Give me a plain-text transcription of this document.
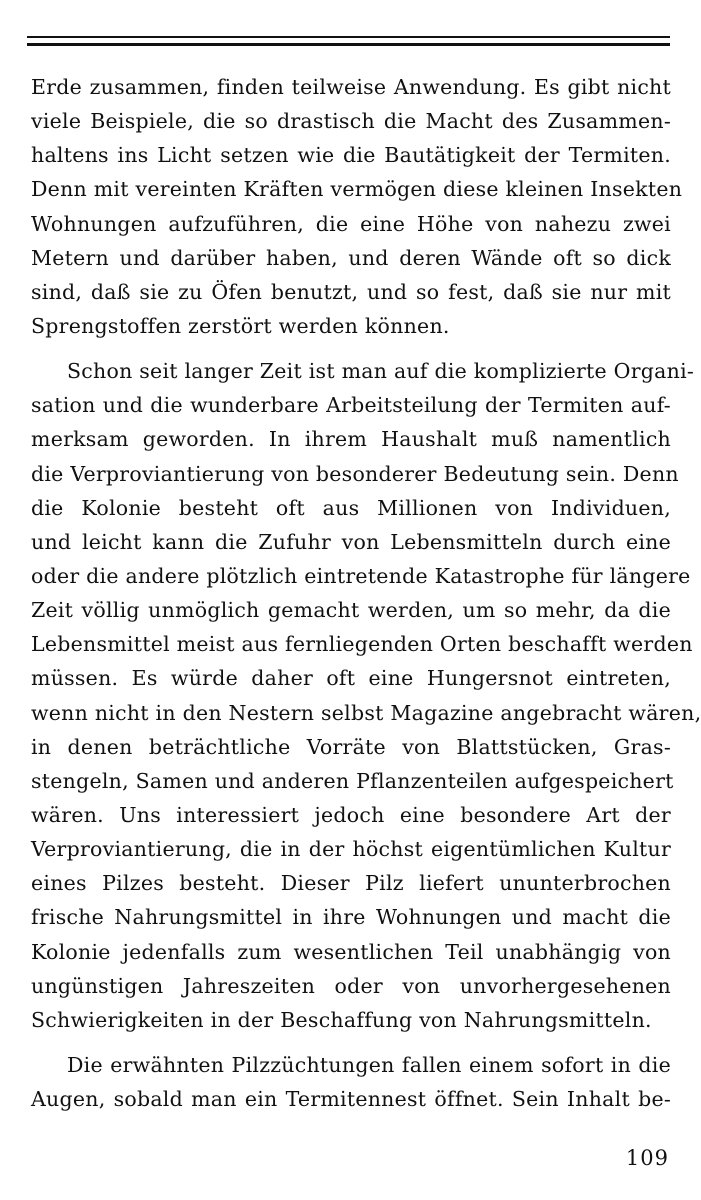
Erde zusammen, finden teilweise Anwendung. Es gibt nicht
viele Beispiele, die so drastisch die Macht des Zusammen-
haltens ins Licht setzen wie die Bautätigkeit der Termiten.
Denn mit vereinten Kräften vermögen diese kleinen Insekten
Wohnungen aufzuführen, die eine Höhe von nahezu zwei
Metern und darüber haben, und deren Wände oft so dick
sind, daß sie zu Öfen benutzt, und so fest, daß sie nur mit
Sprengstoffen zerstört werden können.
Schon seit langer Zeit ist man auf die komplizierte Organi-
sation und die wunderbare Arbeitsteilung der Termiten auf-
merksam geworden. In ihrem Haushalt muß namentlich
die Verproviantierung von besonderer Bedeutung sein. Denn
die Kolonie besteht oft aus Millionen von Individuen,
und leicht kann die Zufuhr von Lebensmitteln durch eine
oder die andere plötzlich eintretende Katastrophe für längere
Zeit völlig unmöglich gemacht werden, um so mehr, da die
Lebensmittel meist aus fernliegenden Orten beschafft werden
müssen. Es würde daher oft eine Hungersnot eintreten,
wenn nicht in den Nestern selbst Magazine angebracht wären,
in denen beträchtliche Vorräte von Blattstücken, Gras-
stengeln, Samen und anderen Pflanzenteilen aufgespeichert
wären. Uns interessiert jedoch eine besondere Art der
Verproviantierung, die in der höchst eigentümlichen Kultur
eines Pilzes besteht. Dieser Pilz liefert ununterbrochen
frische Nahrungsmittel in ihre Wohnungen und macht die
Kolonie jedenfalls zum wesentlichen Teil unabhängig von
ungünstigen Jahreszeiten oder von unvorhergesehenen
Schwierigkeiten in der Beschaffung von Nahrungsmitteln.
Die erwähnten Pilzzüchtungen fallen einem sofort in die
Augen, sobald man ein Termitennest öffnet. Sein Inhalt be-
109
